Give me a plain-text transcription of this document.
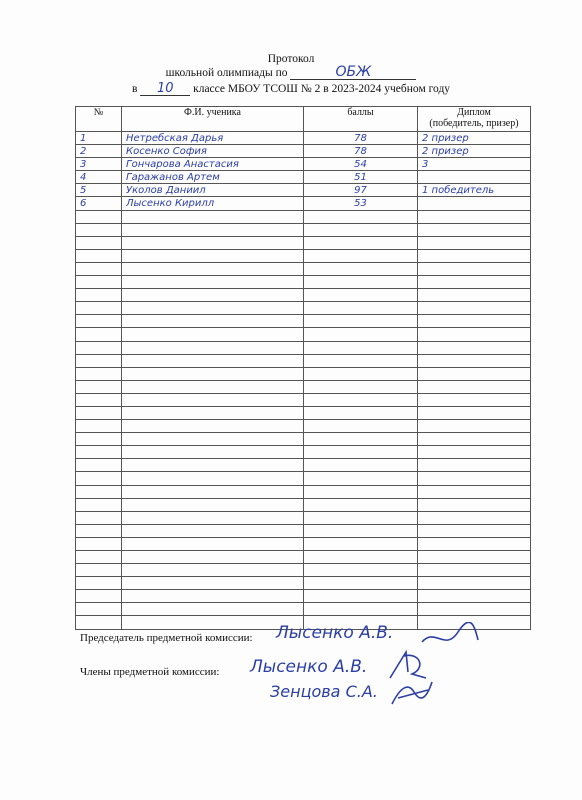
Протокол
школьной олимпиады по	ОБЖ
в 10 классе МБОУ ТСОШ № 2 в 2023-2024 учебном году
№	Ф.И. ученика	баллы	Диплом
(победитель, призер)
1	Нетребская Дарья	78	2 призер
2	Косенко София	78	2 призер
3	Гончарова Анастасия	54	3
4	Гаражанов Артем	51	
5	Уколов Даниил	97	1 победитель
6	Лысенко Кирилл	53	

Председатель предметной комиссии: Лысенко А.В.
Члены предметной комиссии: Лысенко А.В.
Зенцова С.А.
